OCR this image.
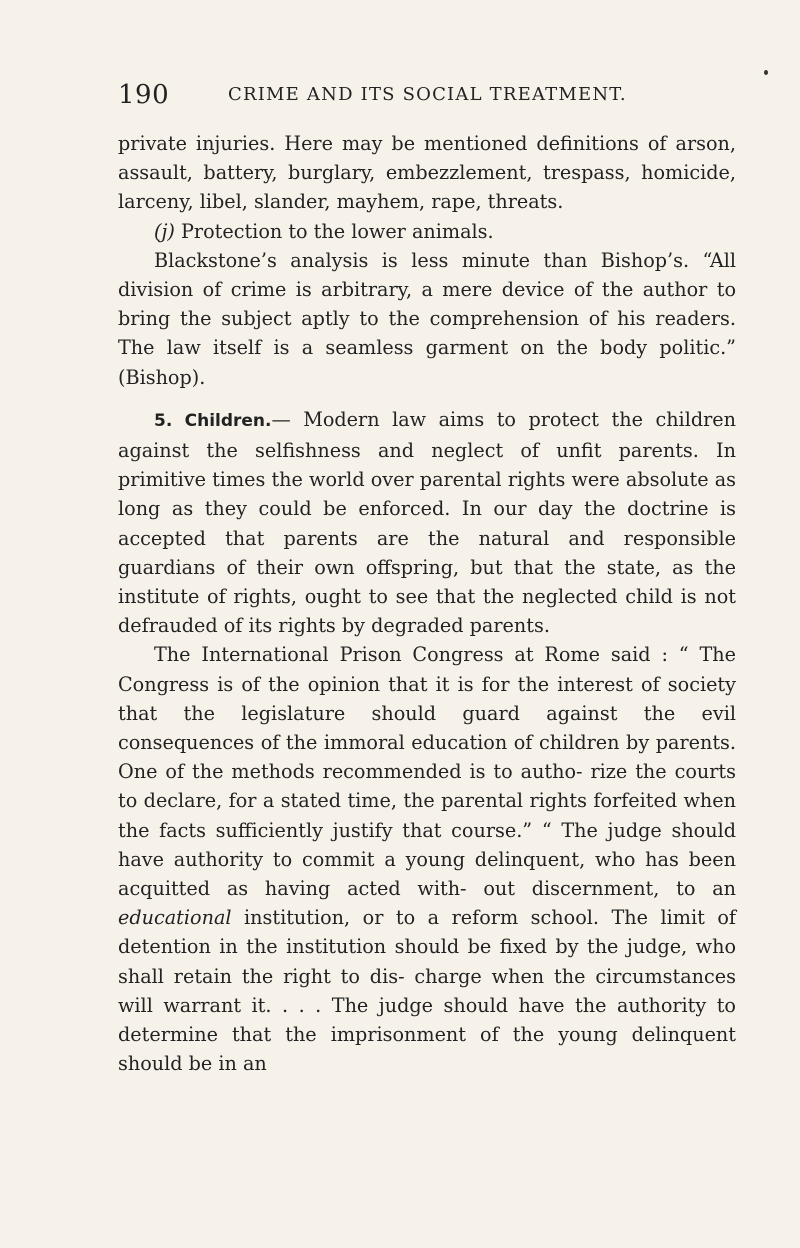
190	CRIME AND ITS SOCIAL TREATMENT.

private injuries. Here may be mentioned definitions of arson, assault, battery, burglary, embezzlement, trespass, homicide, larceny, libel, slander, mayhem, rape, threats.

(j) Protection to the lower animals.

Blackstone’s analysis is less minute than Bishop’s. “All division of crime is arbitrary, a mere device of the author to bring the subject aptly to the comprehension of his readers. The law itself is a seamless garment on the body politic.” (Bishop).

5. Children.— Modern law aims to protect the children against the selfishness and neglect of unfit parents. In primitive times the world over parental rights were absolute as long as they could be enforced. In our day the doctrine is accepted that parents are the natural and responsible guardians of their own offspring, but that the state, as the institute of rights, ought to see that the neglected child is not defrauded of its rights by degraded parents.

The International Prison Congress at Rome said : “ The Congress is of the opinion that it is for the interest of society that the legislature should guard against the evil consequences of the immoral education of children by parents. One of the methods recommended is to autho- rize the courts to declare, for a stated time, the parental rights forfeited when the facts sufficiently justify that course.” “ The judge should have authority to commit a young delinquent, who has been acquitted as having acted with- out discernment, to an educational institution, or to a reform school. The limit of detention in the institution should be fixed by the judge, who shall retain the right to dis- charge when the circumstances will warrant it. . . . The judge should have the authority to determine that the imprisonment of the young delinquent should be in an
